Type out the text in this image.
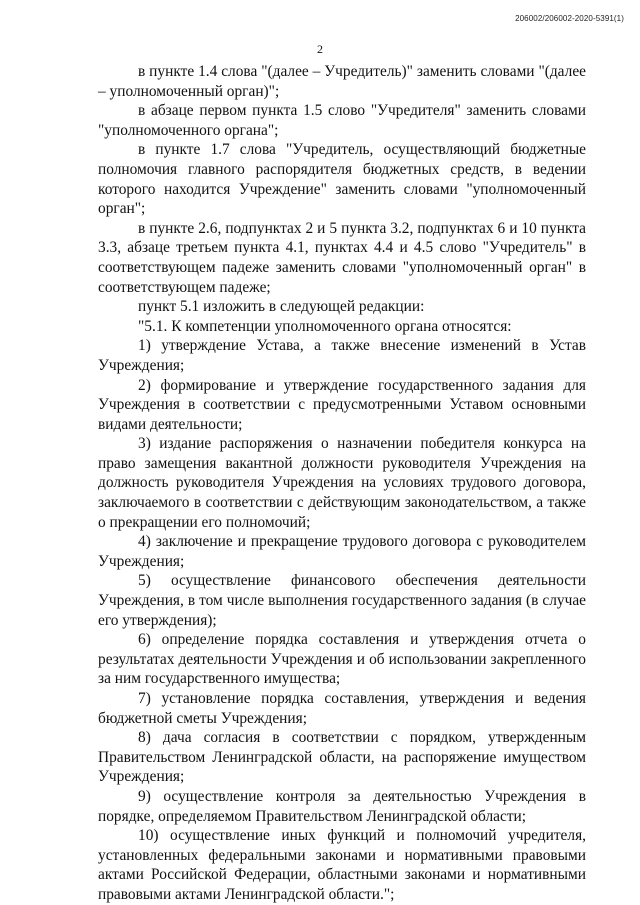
206002/206002-2020-5391(1)
2

в пункте 1.4 слова "(далее – Учредитель)" заменить словами "(далее – уполномоченный орган)";

в абзаце первом пункта 1.5 слово "Учредителя" заменить словами "уполномоченного органа";

в пункте 1.7 слова "Учредитель, осуществляющий бюджетные полномочия главного распорядителя бюджетных средств, в ведении которого находится Учреждение" заменить словами "уполномоченный орган";

в пункте 2.6, подпунктах 2 и 5 пункта 3.2, подпунктах 6 и 10 пункта 3.3, абзаце третьем пункта 4.1, пунктах 4.4 и 4.5 слово "Учредитель" в соответствующем падеже заменить словами "уполномоченный орган" в соответствующем падеже;

пункт 5.1 изложить в следующей редакции:

"5.1. К компетенции уполномоченного органа относятся:

1) утверждение Устава, а также внесение изменений в Устав Учреждения;

2) формирование и утверждение государственного задания для Учреждения в соответствии с предусмотренными Уставом основными видами деятельности;

3) издание распоряжения о назначении победителя конкурса на право замещения вакантной должности руководителя Учреждения на должность руководителя Учреждения на условиях трудового договора, заключаемого в соответствии с действующим законодательством, а также о прекращении его полномочий;

4) заключение и прекращение трудового договора с руководителем Учреждения;

5) осуществление финансового обеспечения деятельности Учреждения, в том числе выполнения государственного задания (в случае его утверждения);

6) определение порядка составления и утверждения отчета о результатах деятельности Учреждения и об использовании закрепленного за ним государственного имущества;

7) установление порядка составления, утверждения и ведения бюджетной сметы Учреждения;

8) дача согласия в соответствии с порядком, утвержденным Правительством Ленинградской области, на распоряжение имуществом Учреждения;

9) осуществление контроля за деятельностью Учреждения в порядке, определяемом Правительством Ленинградской области;

10) осуществление иных функций и полномочий учредителя, установленных федеральными законами и нормативными правовыми актами Российской Федерации, областными законами и нормативными правовыми актами Ленинградской области.";
